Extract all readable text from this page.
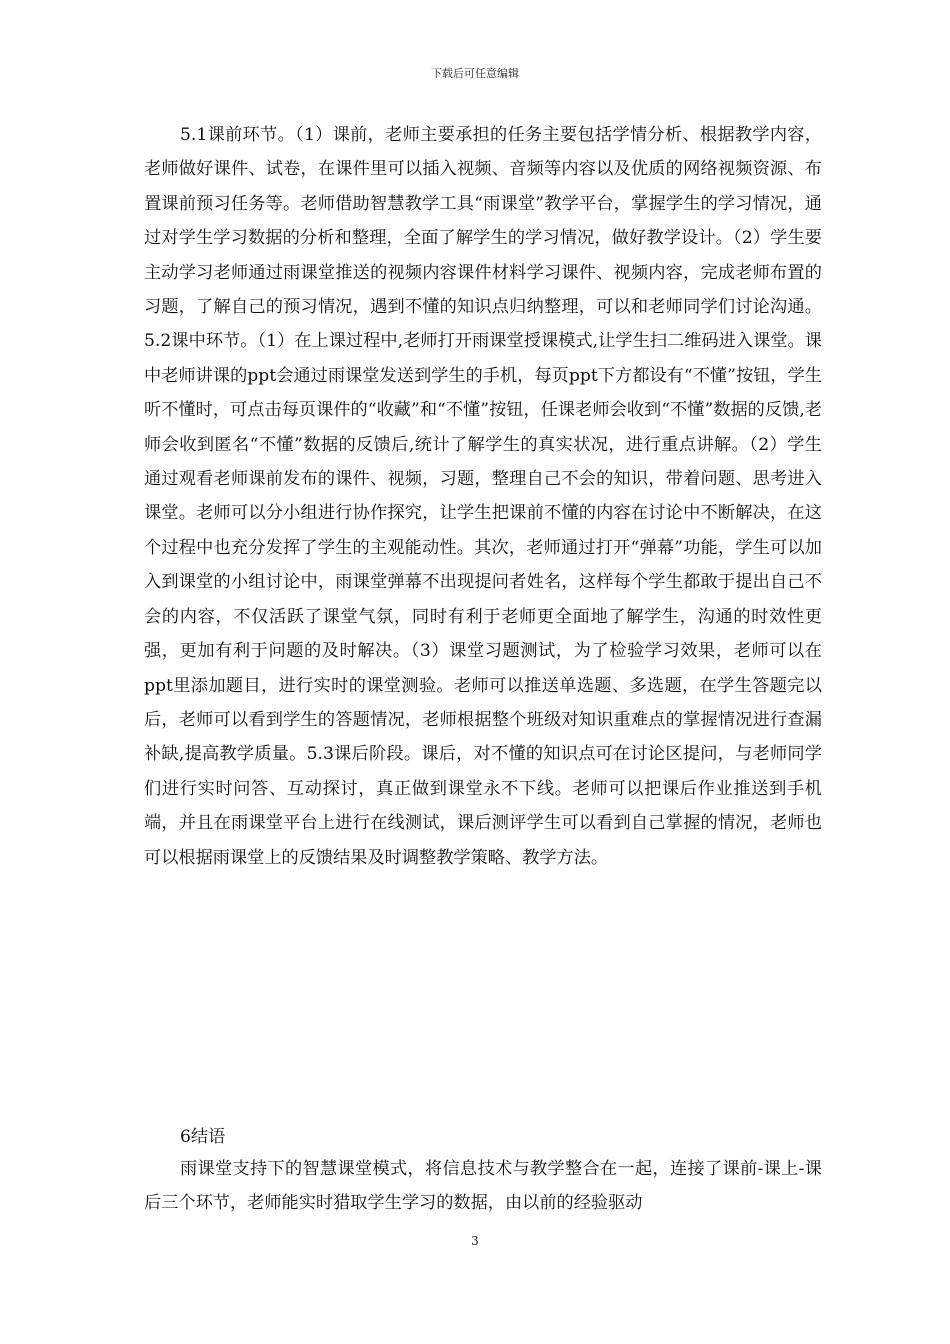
下载后可任意编辑

5.1课前环节。（1）课前，老师主要承担的任务主要包括学情分析、根据教学内容，老师做好课件、试卷，在课件里可以插入视频、音频等内容以及优质的网络视频资源、布置课前预习任务等。老师借助智慧教学工具“雨课堂”教学平台，掌握学生的学习情况，通过对学生学习数据的分析和整理，全面了解学生的学习情况，做好教学设计。（2）学生要主动学习老师通过雨课堂推送的视频内容课件材料学习课件、视频内容，完成老师布置的习题，了解自己的预习情况，遇到不懂的知识点归纳整理，可以和老师同学们讨论沟通。5.2课中环节。（1）在上课过程中,老师打开雨课堂授课模式,让学生扫二维码进入课堂。课中老师讲课的ppt会通过雨课堂发送到学生的手机，每页ppt下方都设有“不懂”按钮，学生听不懂时，可点击每页课件的“收藏”和“不懂”按钮，任课老师会收到“不懂”数据的反馈,老师会收到匿名“不懂”数据的反馈后,统计了解学生的真实状况，进行重点讲解。（2）学生通过观看老师课前发布的课件、视频，习题，整理自己不会的知识，带着问题、思考进入课堂。老师可以分小组进行协作探究，让学生把课前不懂的内容在讨论中不断解决，在这个过程中也充分发挥了学生的主观能动性。其次，老师通过打开“弹幕”功能，学生可以加入到课堂的小组讨论中，雨课堂弹幕不出现提问者姓名，这样每个学生都敢于提出自己不会的内容，不仅活跃了课堂气氛，同时有利于老师更全面地了解学生，沟通的时效性更强，更加有利于问题的及时解决。（3）课堂习题测试，为了检验学习效果，老师可以在ppt里添加题目，进行实时的课堂测验。老师可以推送单选题、多选题，在学生答题完以后，老师可以看到学生的答题情况，老师根据整个班级对知识重难点的掌握情况进行查漏补缺,提高教学质量。5.3课后阶段。课后，对不懂的知识点可在讨论区提问，与老师同学们进行实时问答、互动探讨，真正做到课堂永不下线。老师可以把课后作业推送到手机端，并且在雨课堂平台上进行在线测试，课后测评学生可以看到自己掌握的情况，老师也可以根据雨课堂上的反馈结果及时调整教学策略、教学方法。

6结语

雨课堂支持下的智慧课堂模式，将信息技术与教学整合在一起，连接了课前-课上-课后三个环节，老师能实时猎取学生学习的数据，由以前的经验驱动

3
